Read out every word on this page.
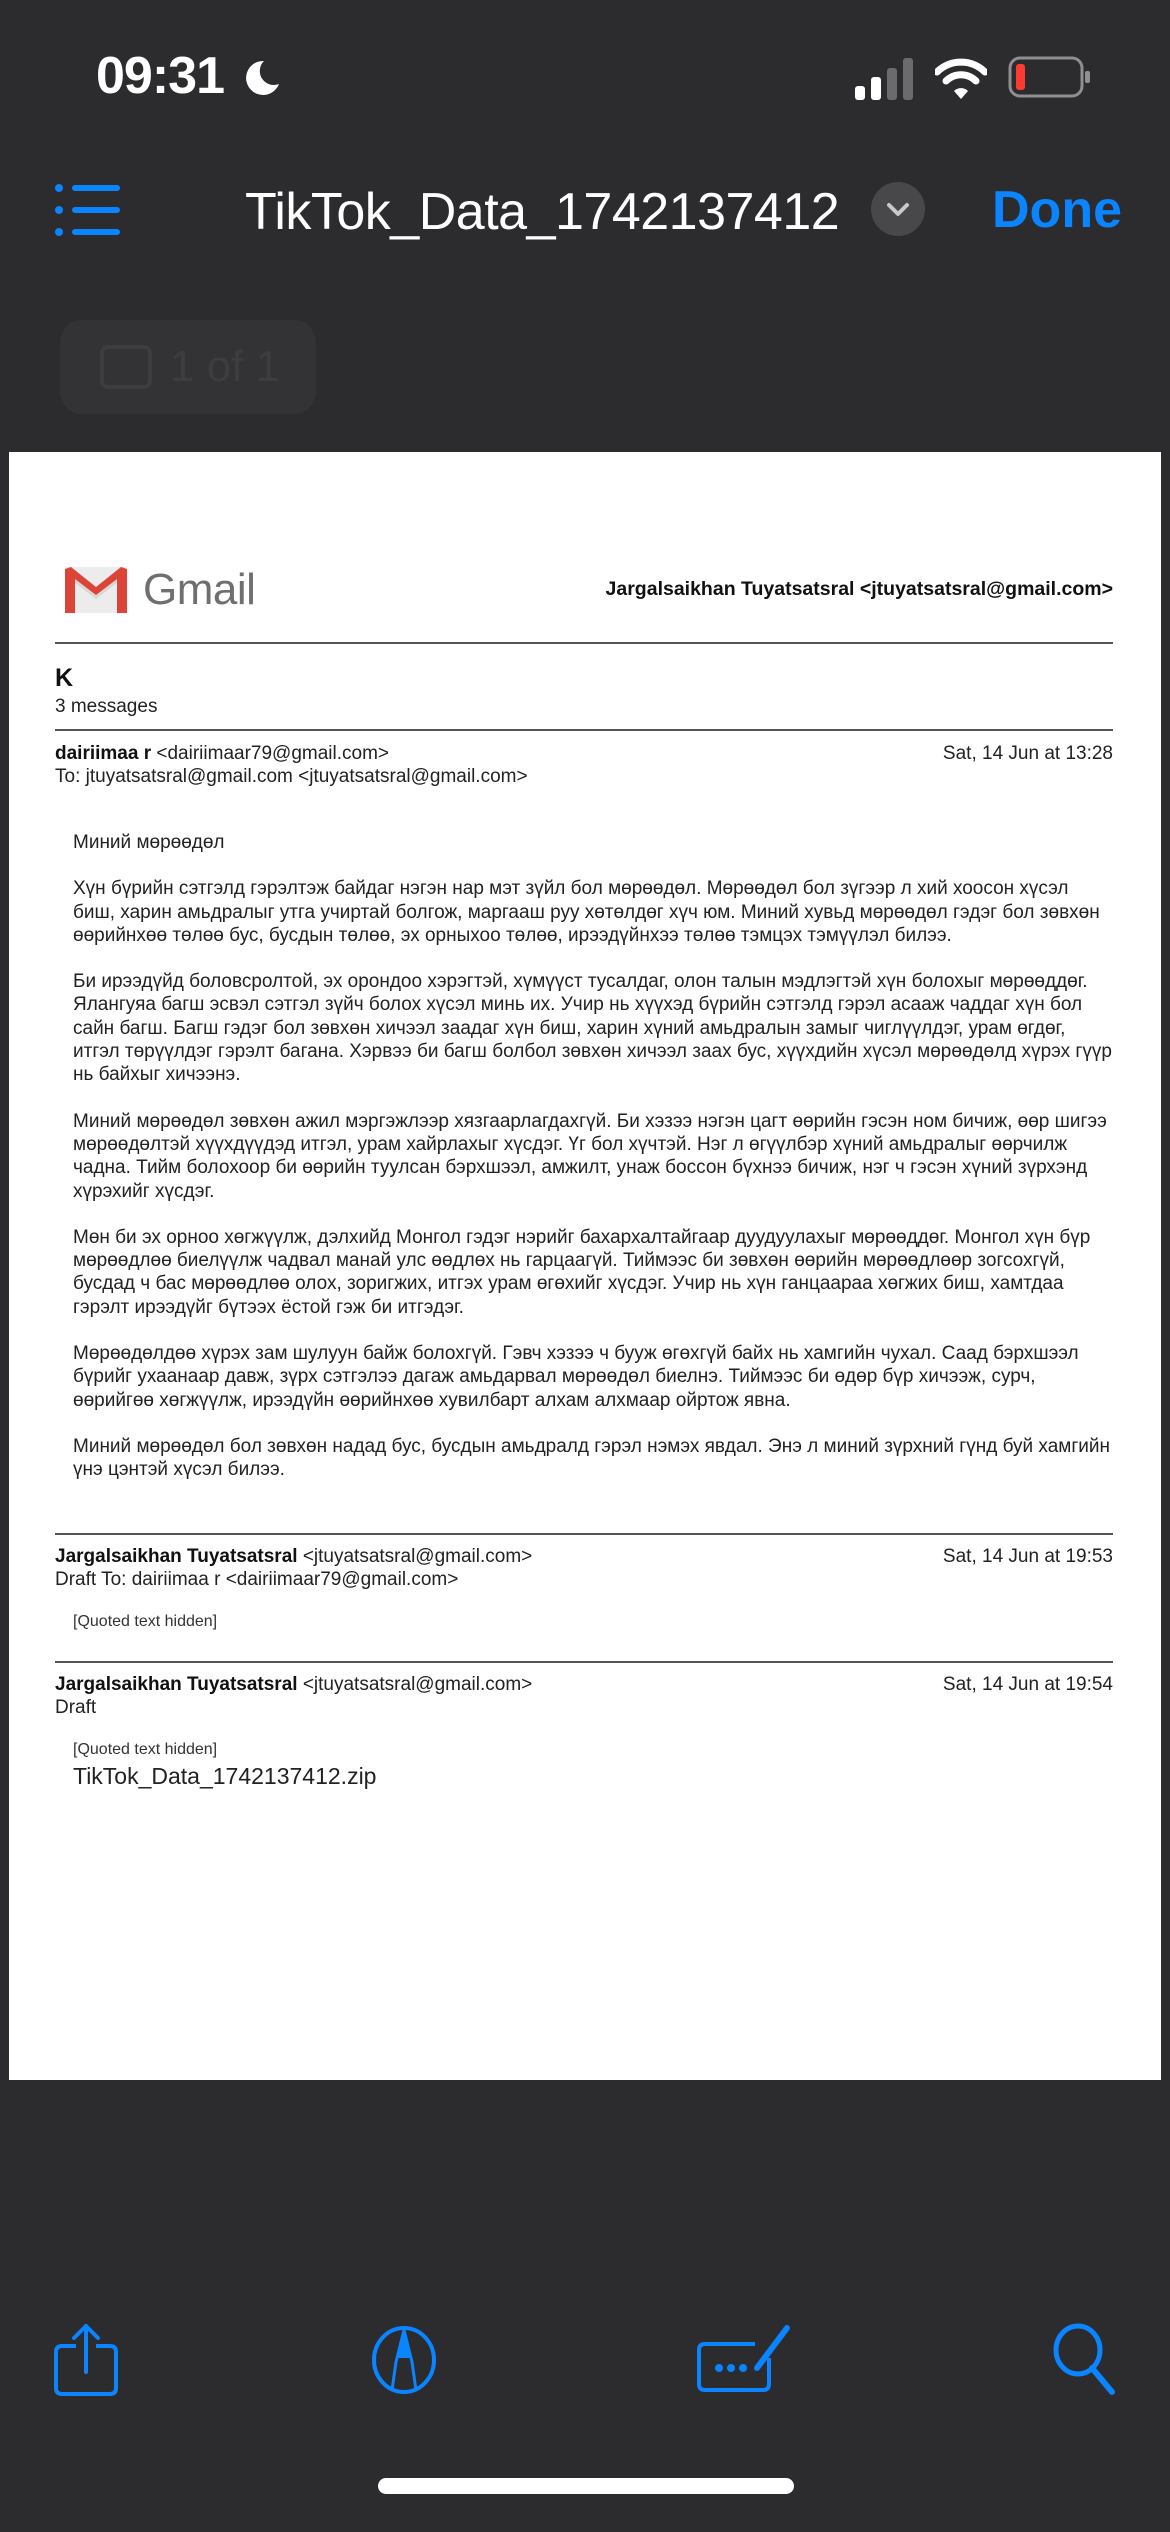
09:31
TikTok_Data_1742137412	Done
1 of 1
Gmail	Jargalsaikhan Tuyatsatsral <jtuyatsatsral@gmail.com>
K
3 messages
dairiimaa r <dairiimaar79@gmail.com>
To: jtuyatsatsral@gmail.com <jtuyatsatsral@gmail.com>
Sat, 14 Jun at 13:28

Миний мөрөөдөл

Хүн бүрийн сэтгэлд гэрэлтэж байдаг нэгэн нар мэт зүйл бол мөрөөдөл. Мөрөөдөл бол зүгээр л хий хоосон хүсэл биш, харин амьдралыг утга учиртай болгож, маргааш руу хөтөлдөг хүч юм. Миний хувьд мөрөөдөл гэдэг бол зөвхөн өөрийнхөө төлөө бус, бусдын төлөө, эх орныхоо төлөө, ирээдүйнхээ төлөө тэмцэх тэмүүлэл билээ.

Би ирээдүйд боловсролтой, эх орондоо хэрэгтэй, хүмүүст тусалдаг, олон талын мэдлэгтэй хүн болохыг мөрөөддөг. Ялангуяа багш эсвэл сэтгэл зүйч болох хүсэл минь их. Учир нь хүүхэд бүрийн сэтгэлд гэрэл асааж чаддаг хүн бол сайн багш. Багш гэдэг бол зөвхөн хичээл заадаг хүн биш, харин хүний амьдралын замыг чиглүүлдэг, урам өгдөг, итгэл төрүүлдэг гэрэлт багана. Хэрвээ би багш болбол зөвхөн хичээл заах бус, хүүхдийн хүсэл мөрөөдөлд хүрэх гүүр нь байхыг хичээнэ.

Миний мөрөөдөл зөвхөн ажил мэргэжлээр хязгаарлагдахгүй. Би хэзээ нэгэн цагт өөрийн гэсэн ном бичиж, өөр шигээ мөрөөдөлтэй хүүхдүүдэд итгэл, урам хайрлахыг хүсдэг. Үг бол хүчтэй. Нэг л өгүүлбэр хүний амьдралыг өөрчилж чадна. Тийм болохоор би өөрийн туулсан бэрхшээл, амжилт, унаж боссон бүхнээ бичиж, нэг ч гэсэн хүний зүрхэнд хүрэхийг хүсдэг.

Мөн би эх орноо хөгжүүлж, дэлхийд Монгол гэдэг нэрийг бахархалтайгаар дуудуулахыг мөрөөддөг. Монгол хүн бүр мөрөөдлөө биелүүлж чадвал манай улс өөдлөх нь гарцаагүй. Тиймээс би зөвхөн өөрийн мөрөөдлөөр зогсохгүй, бусдад ч бас мөрөөдлөө олох, зоригжих, итгэх урам өгөхийг хүсдэг. Учир нь хүн ганцаараа хөгжих биш, хамтдаа гэрэлт ирээдүйг бүтээх ёстой гэж би итгэдэг.

Мөрөөдөлдөө хүрэх зам шулуун байж болохгүй. Гэвч хэзээ ч бууж өгөхгүй байх нь хамгийн чухал. Саад бэрхшээл бүрийг ухаанаар давж, зүрх сэтгэлээ дагаж амьдарвал мөрөөдөл биелнэ. Тиймээс би өдөр бүр хичээж, сурч, өөрийгөө хөгжүүлж, ирээдүйн өөрийнхөө хувилбарт алхам алхмаар ойртож явна.

Миний мөрөөдөл бол зөвхөн надад бус, бусдын амьдралд гэрэл нэмэх явдал. Энэ л миний зүрхний гүнд буй хамгийн үнэ цэнтэй хүсэл билээ.

Jargalsaikhan Tuyatsatsral <jtuyatsatsral@gmail.com>
Draft To: dairiimaa r <dairiimaar79@gmail.com>
Sat, 14 Jun at 19:53
[Quoted text hidden]
Jargalsaikhan Tuyatsatsral <jtuyatsatsral@gmail.com>
Draft
Sat, 14 Jun at 19:54
[Quoted text hidden]
TikTok_Data_1742137412.zip
